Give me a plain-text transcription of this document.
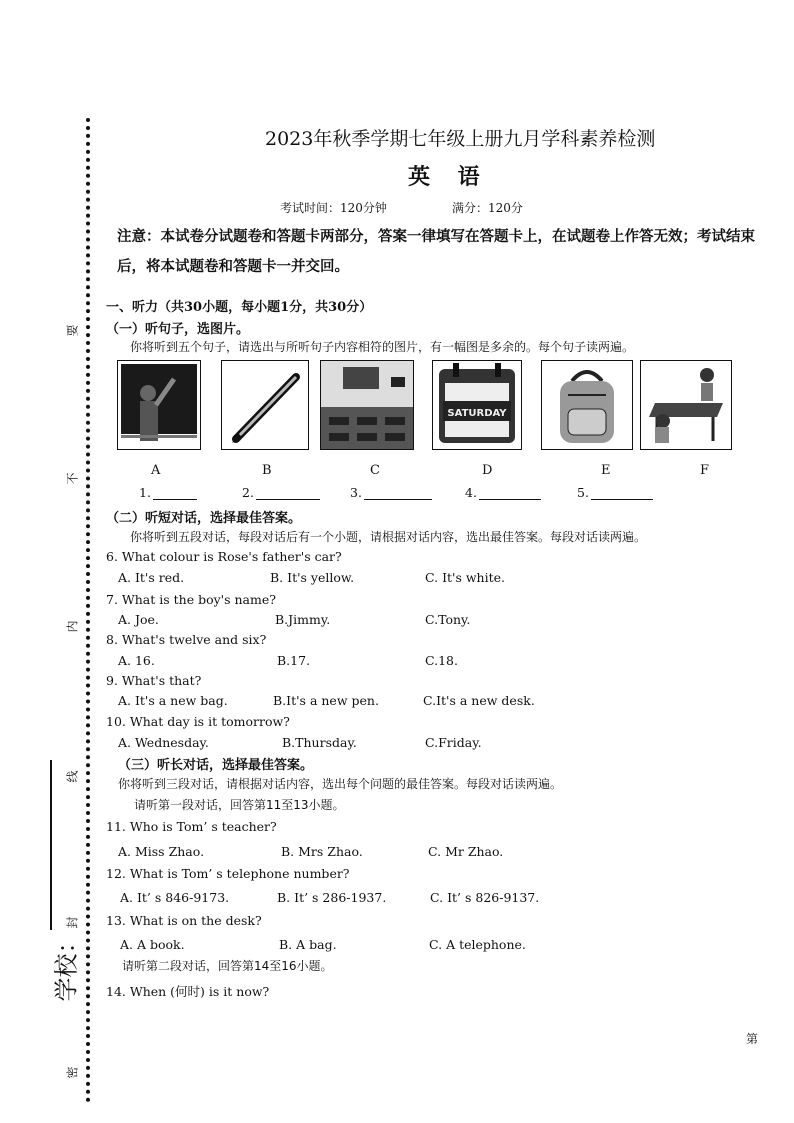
要
不
内
线
封
密
学校：
2023年秋季学期七年级上册九月学科素养检测
英 语
考试时间：120分钟	满分：120分
注意：本试卷分试题卷和答题卡两部分，答案一律填写在答题卡上，在试题卷上作答无效；考试结束后，将本试题卷和答题卡一并交回。
一、听力（共30小题，每小题1分，共30分）
（一）听句子，选图片。
你将听到五个句子，请选出与所听句子内容相符的图片，有一幅图是多余的。每个句子读两遍。
SATURDAY
A	B	C	D	E	F
1.	2.	3.	4.	5.
（二）听短对话，选择最佳答案。
你将听到五段对话，每段对话后有一个小题，请根据对话内容，选出最佳答案。每段对话读两遍。
6. What colour is Rose's father's car?
A. It's red.	B. It's yellow.	C. It's white.
7. What is the boy's name?
A. Joe.	B.Jimmy.	C.Tony.
8. What's twelve and six?
A. 16.	B.17.	C.18.
9. What's that?
A. It's a new bag.	B.It's a new pen.	C.It's a new desk.
10. What day is it tomorrow?
A. Wednesday.	B.Thursday.	C.Friday.
（三）听长对话，选择最佳答案。
你将听到三段对话，请根据对话内容，选出每个问题的最佳答案。每段对话读两遍。
请听第一段对话，回答第11至13小题。
11. Who is Tom’ s teacher?
A. Miss Zhao.	B. Mrs Zhao.	C. Mr Zhao.
12. What is Tom’ s telephone number?
A. It’ s 846-9173.	B. It’ s 286-1937.	C. It’ s 826-9137.
13. What is on the desk?
A. A book.	B. A bag.	C. A telephone.
请听第二段对话，回答第14至16小题。
14. When (何时) is it now?
第
